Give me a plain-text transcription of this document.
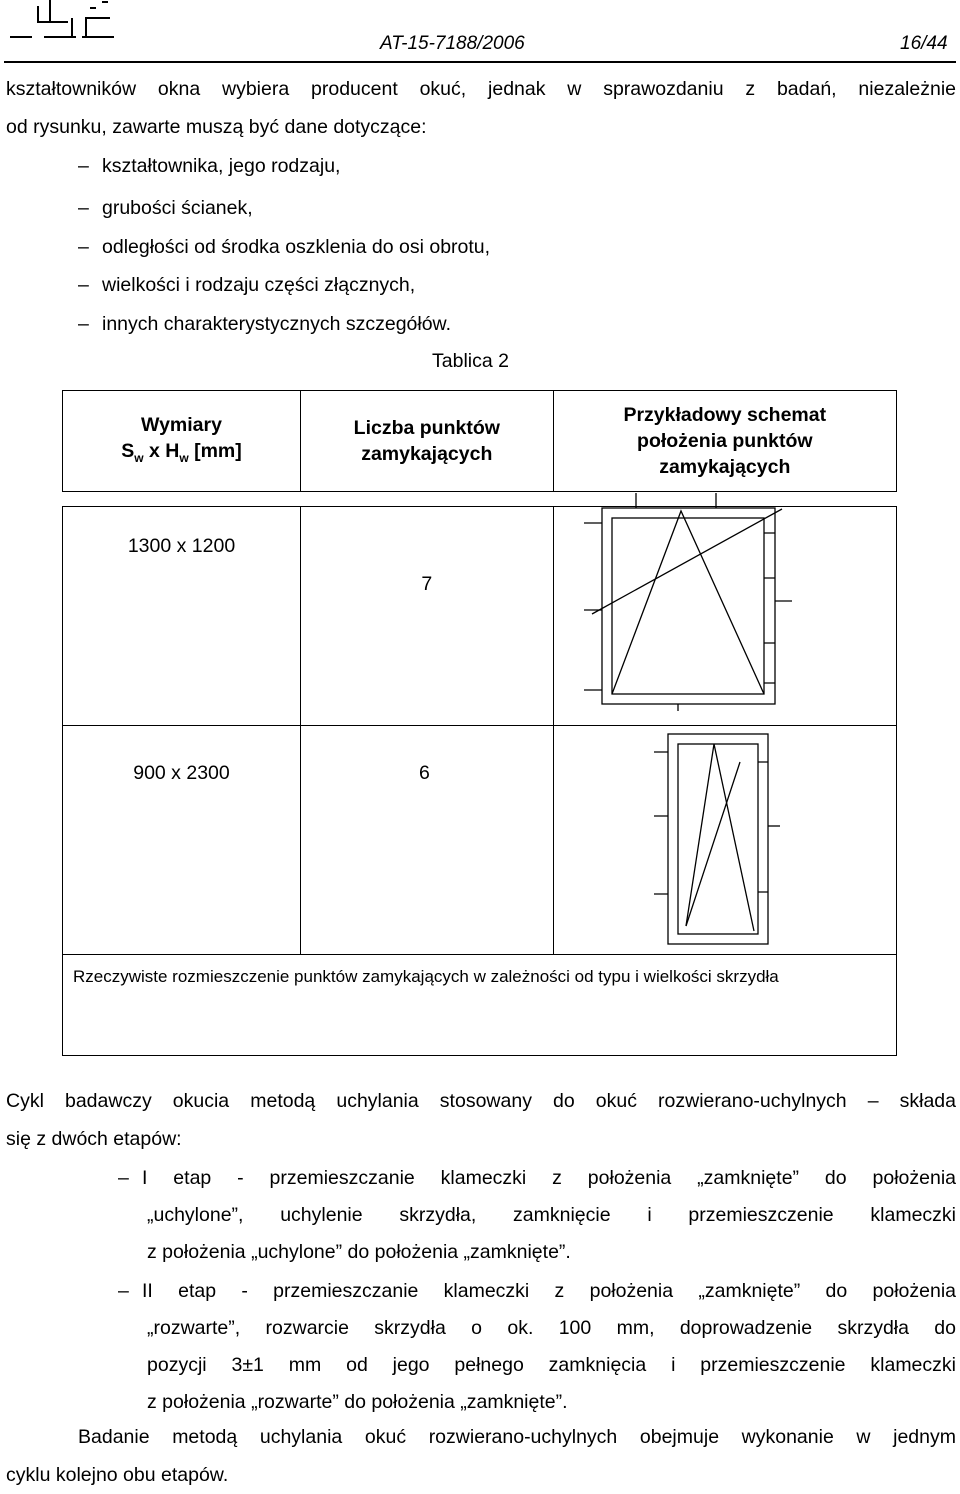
AT-15-7188/2006	16/44
kształtowników okna wybiera producent okuć, jednak w sprawozdaniu z badań, niezależnie
od rysunku, zawarte muszą być dane dotyczące:
– kształtownika, jego rodzaju,
– grubości ścianek,
– odległości od środka oszklenia do osi obrotu,
– wielkości i rodzaju części złącznych,
– innych charakterystycznych szczegółów.
Tablica 2
Wymiary
$S_w$ x $H_w$ [mm]	Liczba punktów zamykających	Przykładowy schemat położenia punktów zamykających

1300 x 1200	7

900 x 2300	6

Rzeczywiste rozmieszczenie punktów zamykających w zależności od typu i wielkości skrzydła		
Cykl badawczy okucia metodą uchylania stosowany do okuć rozwierano-uchylnych – składa
się z dwóch etapów:
– I etap - przemieszczanie klameczki z położenia „zamknięte” do położenia
„uchylone”, uchylenie skrzydła, zamknięcie i przemieszczenie klameczki
z położenia „uchylone” do położenia „zamknięte”.
– II etap - przemieszczanie klameczki z położenia „zamknięte” do położenia
„rozwarte”, rozwarcie skrzydła o ok. 100 mm, doprowadzenie skrzydła do
pozycji 3±1 mm od jego pełnego zamknięcia i przemieszczenie klameczki
z położenia „rozwarte” do położenia „zamknięte”.
Badanie metodą uchylania okuć rozwierano-uchylnych obejmuje wykonanie w jednym
cyklu kolejno obu etapów.
